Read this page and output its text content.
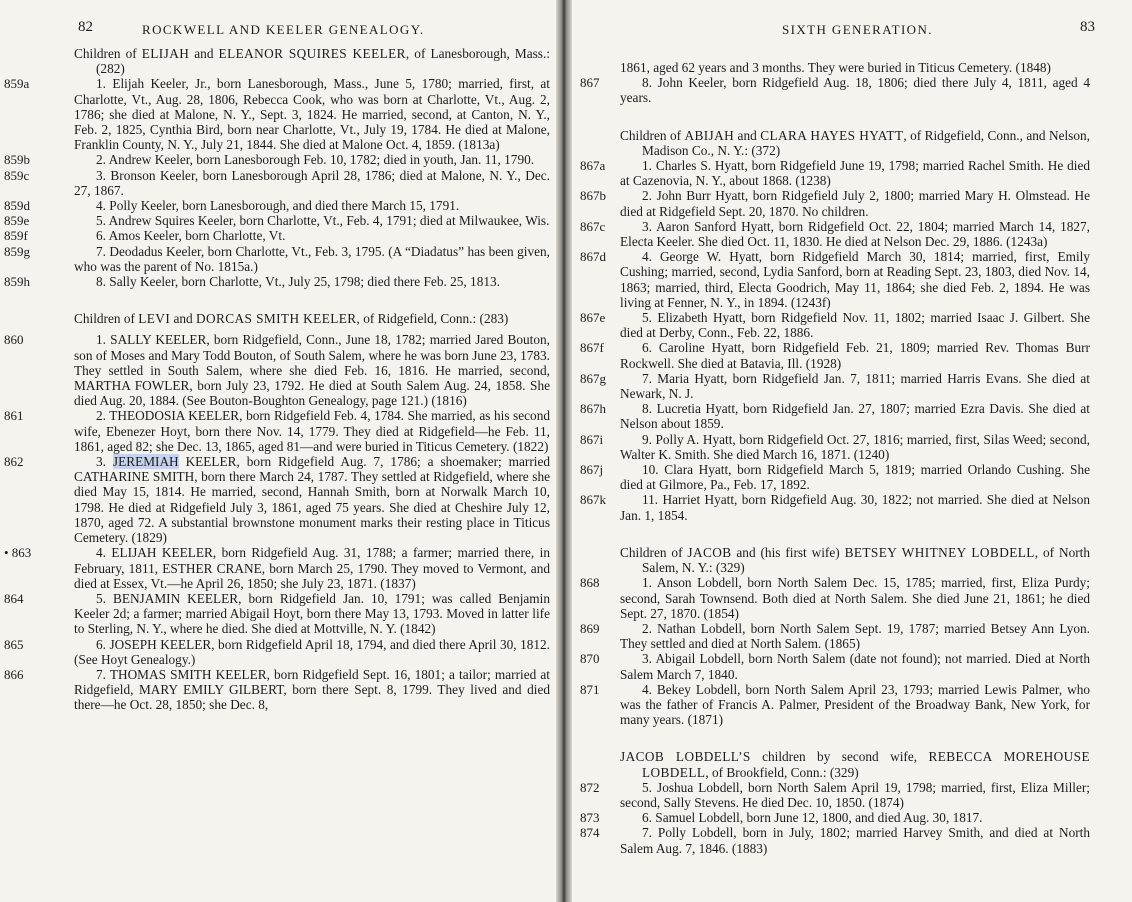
82	ROCKWELL AND KEELER GENEALOGY.

Children of ELIJAH and ELEANOR SQUIRES KEELER, of Lanesborough, Mass.: (282)

859a	1. Elijah Keeler, Jr., born Lanesborough, Mass., June 5, 1780; married, first, at Charlotte, Vt., Aug. 28, 1806, Rebecca Cook, who was born at Charlotte, Vt., Aug. 2, 1786; she died at Malone, N. Y., Sept. 3, 1824. He married, second, at Canton, N. Y., Feb. 2, 1825, Cynthia Bird, born near Charlotte, Vt., July 19, 1784. He died at Malone, Franklin County, N. Y., July 21, 1844. She died at Malone Oct. 4, 1859. (1813a)

859b	2. Andrew Keeler, born Lanesborough Feb. 10, 1782; died in youth, Jan. 11, 1790.

859c	3. Bronson Keeler, born Lanesborough April 28, 1786; died at Malone, N. Y., Dec. 27, 1867.

859d	4. Polly Keeler, born Lanesborough, and died there March 15, 1791.

859e	5. Andrew Squires Keeler, born Charlotte, Vt., Feb. 4, 1791; died at Milwaukee, Wis.

859f	6. Amos Keeler, born Charlotte, Vt.

859g	7. Deodadus Keeler, born Charlotte, Vt., Feb. 3, 1795. (A “Diadatus” has been given, who was the parent of No. 1815a.)

859h	8. Sally Keeler, born Charlotte, Vt., July 25, 1798; died there Feb. 25, 1813.

Children of LEVI and DORCAS SMITH KEELER, of Ridgefield, Conn.: (283)

860	1. SALLY KEELER, born Ridgefield, Conn., June 18, 1782; married Jared Bouton, son of Moses and Mary Todd Bouton, of South Salem, where he was born June 23, 1783. They settled in South Salem, where she died Feb. 16, 1816. He married, second, MARTHA FOWLER, born July 23, 1792. He died at South Salem Aug. 24, 1858. She died Aug. 20, 1884. (See Bouton-Boughton Genealogy, page 121.) (1816)

861	2. THEODOSIA KEELER, born Ridgefield Feb. 4, 1784. She married, as his second wife, Ebenezer Hoyt, born there Nov. 14, 1779. They died at Ridgefield—he Feb. 11, 1861, aged 82; she Dec. 13, 1865, aged 81—and were buried in Titicus Cemetery. (1822)

862	3. JEREMIAH KEELER, born Ridgefield Aug. 7, 1786; a shoemaker; married CATHARINE SMITH, born there March 24, 1787. They settled at Ridgefield, where she died May 15, 1814. He married, second, Hannah Smith, born at Norwalk March 10, 1798. He died at Ridgefield July 3, 1861, aged 75 years. She died at Cheshire July 12, 1870, aged 72. A substantial brownstone monument marks their resting place in Titicus Cemetery. (1829)

• 863	4. ELIJAH KEELER, born Ridgefield Aug. 31, 1788; a farmer; married there, in February, 1811, ESTHER CRANE, born March 25, 1790. They moved to Vermont, and died at Essex, Vt.—he April 26, 1850; she July 23, 1871. (1837)

864	5. BENJAMIN KEELER, born Ridgefield Jan. 10, 1791; was called Benjamin Keeler 2d; a farmer; married Abigail Hoyt, born there May 13, 1793. Moved in latter life to Sterling, N. Y., where he died. She died at Mottville, N. Y. (1842)

865	6. JOSEPH KEELER, born Ridgefield April 18, 1794, and died there April 30, 1812. (See Hoyt Genealogy.)

866	7. THOMAS SMITH KEELER, born Ridgefield Sept. 16, 1801; a tailor; married at Ridgefield, MARY EMILY GILBERT, born there Sept. 8, 1799. They lived and died there—he Oct. 28, 1850; she Dec. 8,

SIXTH GENERATION.	83

1861, aged 62 years and 3 months. They were buried in Titicus Cemetery. (1848)

867	8. John Keeler, born Ridgefield Aug. 18, 1806; died there July 4, 1811, aged 4 years.

Children of ABIJAH and CLARA HAYES HYATT, of Ridgefield, Conn., and Nelson, Madison Co., N. Y.: (372)

867a	1. Charles S. Hyatt, born Ridgefield June 19, 1798; married Rachel Smith. He died at Cazenovia, N. Y., about 1868. (1238)

867b	2. John Burr Hyatt, born Ridgefield July 2, 1800; married Mary H. Olmstead. He died at Ridgefield Sept. 20, 1870. No children.

867c	3. Aaron Sanford Hyatt, born Ridgefield Oct. 22, 1804; married March 14, 1827, Electa Keeler. She died Oct. 11, 1830. He died at Nelson Dec. 29, 1886. (1243a)

867d	4. George W. Hyatt, born Ridgefield March 30, 1814; married, first, Emily Cushing; married, second, Lydia Sanford, born at Reading Sept. 23, 1803, died Nov. 14, 1863; married, third, Electa Goodrich, May 11, 1864; she died Feb. 2, 1894. He was living at Fenner, N. Y., in 1894. (1243f)

867e	5. Elizabeth Hyatt, born Ridgefield Nov. 11, 1802; married Isaac J. Gilbert. She died at Derby, Conn., Feb. 22, 1886.

867f	6. Caroline Hyatt, born Ridgefield Feb. 21, 1809; married Rev. Thomas Burr Rockwell. She died at Batavia, Ill. (1928)

867g	7. Maria Hyatt, born Ridgefield Jan. 7, 1811; married Harris Evans. She died at Newark, N. J.

867h	8. Lucretia Hyatt, born Ridgefield Jan. 27, 1807; married Ezra Davis. She died at Nelson about 1859.

867i	9. Polly A. Hyatt, born Ridgefield Oct. 27, 1816; married, first, Silas Weed; second, Walter K. Smith. She died March 16, 1871. (1240)

867j	10. Clara Hyatt, born Ridgefield March 5, 1819; married Orlando Cushing. She died at Gilmore, Pa., Feb. 17, 1892.

867k	11. Harriet Hyatt, born Ridgefield Aug. 30, 1822; not married. She died at Nelson Jan. 1, 1854.

Children of JACOB and (his first wife) BETSEY WHITNEY LOBDELL, of North Salem, N. Y.: (329)

868	1. Anson Lobdell, born North Salem Dec. 15, 1785; married, first, Eliza Purdy; second, Sarah Townsend. Both died at North Salem. She died June 21, 1861; he died Sept. 27, 1870. (1854)

869	2. Nathan Lobdell, born North Salem Sept. 19, 1787; married Betsey Ann Lyon. They settled and died at North Salem. (1865)

870	3. Abigail Lobdell, born North Salem (date not found); not married. Died at North Salem March 7, 1840.

871	4. Bekey Lobdell, born North Salem April 23, 1793; married Lewis Palmer, who was the father of Francis A. Palmer, President of the Broadway Bank, New York, for many years. (1871)

JACOB LOBDELL’S children by second wife, REBECCA MOREHOUSE LOBDELL, of Brookfield, Conn.: (329)

872	5. Joshua Lobdell, born North Salem April 19, 1798; married, first, Eliza Miller; second, Sally Stevens. He died Dec. 10, 1850. (1874)

873	6. Samuel Lobdell, born June 12, 1800, and died Aug. 30, 1817.

874	7. Polly Lobdell, born in July, 1802; married Harvey Smith, and died at North Salem Aug. 7, 1846. (1883)
